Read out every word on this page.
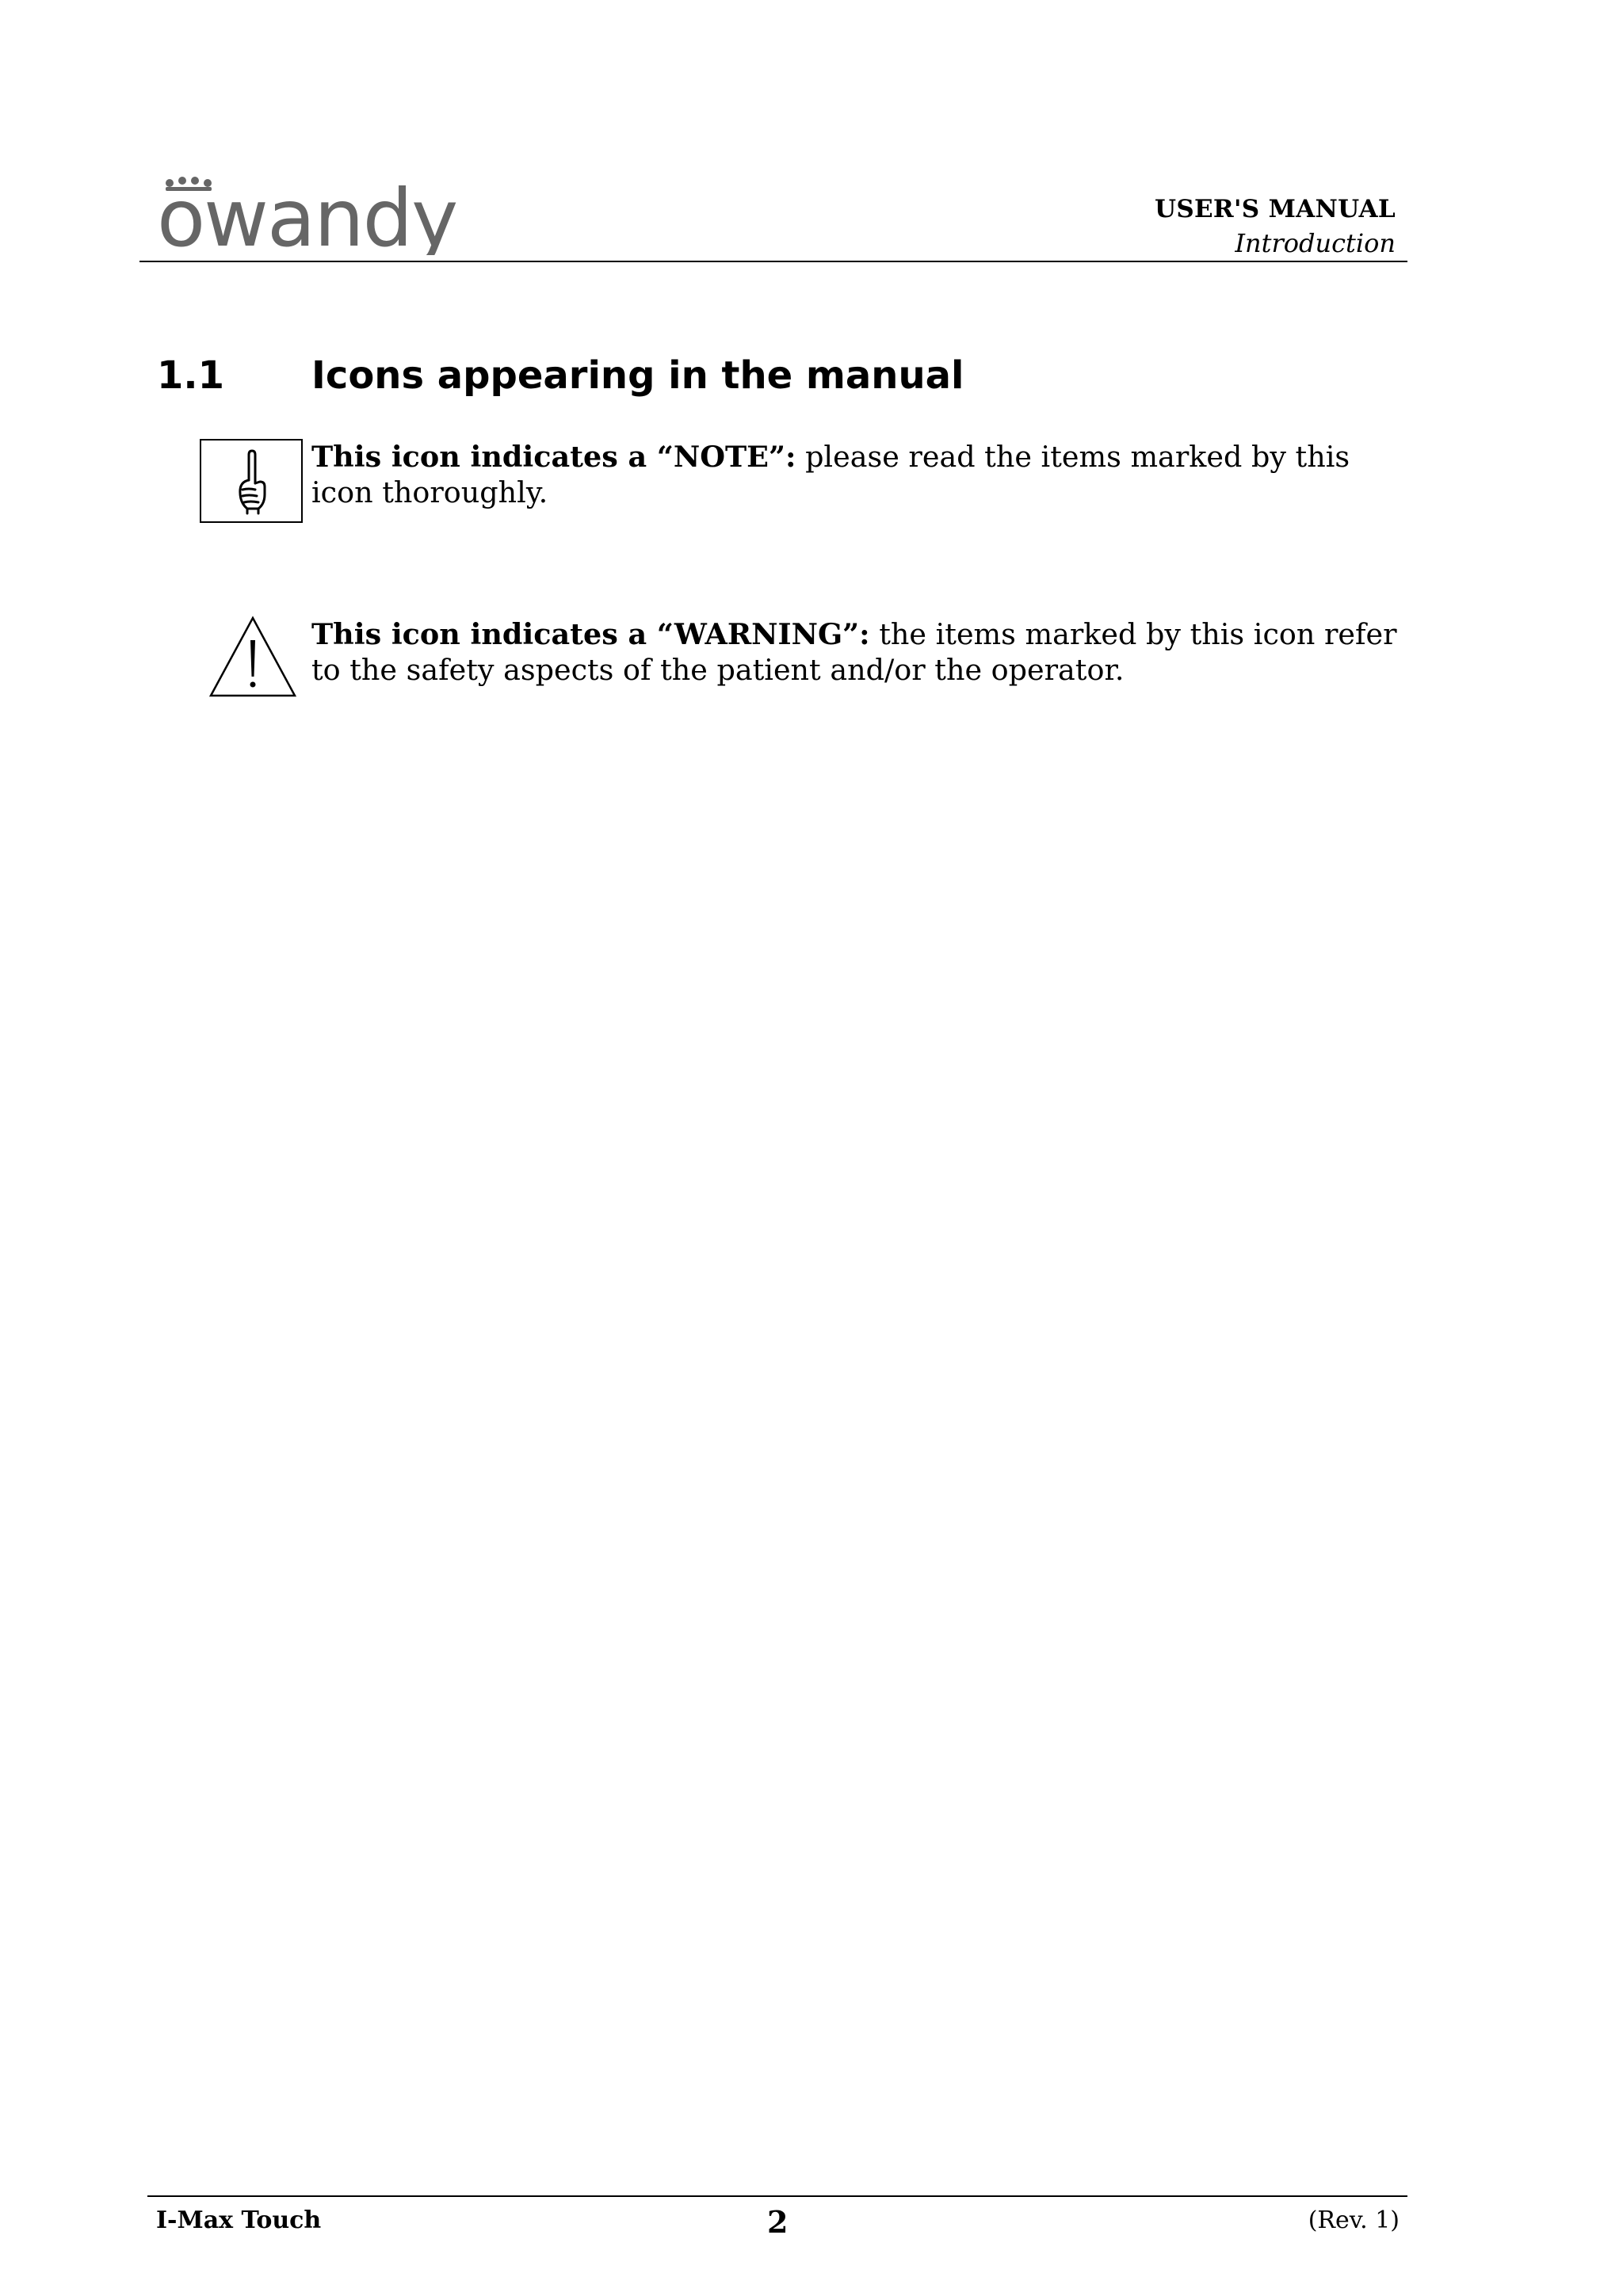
owandy	USER'S MANUAL
Introduction
1.1 Icons appearing in the manual
This icon indicates a “NOTE”: please read the items marked by this
icon thoroughly.
This icon indicates a “WARNING”: the items marked by this icon refer
to the safety aspects of the patient and/or the operator.
I-Max Touch	2	(Rev. 1)
